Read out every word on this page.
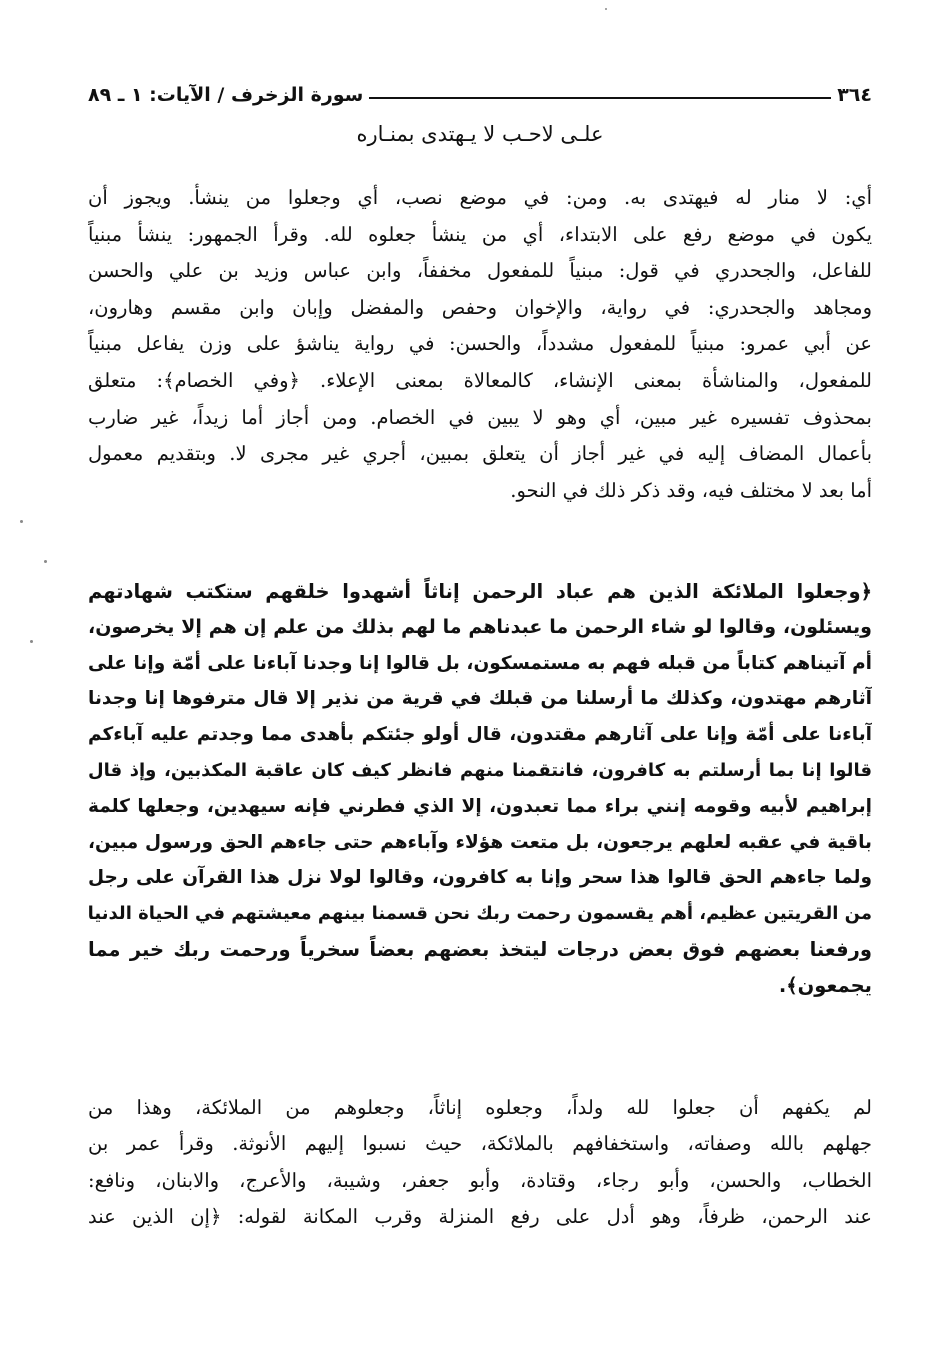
٣٦٤
سورة الزخرف / الآيات: ١ ـ ٨٩
علـى لاحـب لا يـهتدى بمنـاره
أي: لا منار له فيهتدى به. ومن: في موضع نصب، أي وجعلوا من ينشأ. ويجوز أن
يكون في موضع رفع على الابتداء، أي من ينشأ جعلوه لله. وقرأ الجمهور: ينشأ مبنياً
للفاعل، والجحدري في قول: مبنياً للمفعول مخففاً، وابن عباس وزيد بن علي والحسن
ومجاهد والجحدري: في رواية، والإخوان وحفص والمفضل وإبان وابن مقسم وهارون،
عن أبي عمرو: مبنياً للمفعول مشدداً، والحسن: في رواية يناشؤ على وزن يفاعل مبنياً
للمفعول، والمناشأة بمعنى الإنشاء، كالمعالاة بمعنى الإعلاء. ﴿وفي الخصام﴾: متعلق
بمحذوف تفسيره غير مبين، أي وهو لا يبين في الخصام. ومن أجاز أما زيداً، غير ضارب
بأعمال المضاف إليه في غير أجاز أن يتعلق بمبين، أجري غير مجرى لا. وبتقديم معمول
أما بعد لا مختلف فيه، وقد ذكر ذلك في النحو.
﴿وجعلوا الملائكة الذين هم عباد الرحمن إناثاً أشهدوا خلقهم ستكتب شهادتهم
ويسئلون، وقالوا لو شاء الرحمن ما عبدناهم ما لهم بذلك من علم إن هم إلا يخرصون،
أم آتيناهم كتاباً من قبله فهم به مستمسكون، بل قالوا إنا وجدنا آباءنا على أمّة وإنا على
آثارهم مهتدون، وكذلك ما أرسلنا من قبلك في قرية من نذير إلا قال مترفوها إنا وجدنا
آباءنا على أمّة وإنا على آثارهم مقتدون، قال أولو جئتكم بأهدى مما وجدتم عليه آباءكم
قالوا إنا بما أرسلتم به كافرون، فانتقمنا منهم فانظر كيف كان عاقبة المكذبين، وإذ قال
إبراهيم لأبيه وقومه إنني براء مما تعبدون، إلا الذي فطرني فإنه سيهدين، وجعلها كلمة
باقية في عقبه لعلهم يرجعون، بل متعت هؤلاء وآباءهم حتى جاءهم الحق ورسول مبين،
ولما جاءهم الحق قالوا هذا سحر وإنا به كافرون، وقالوا لولا نزل هذا القرآن على رجل
من القريتين عظيم، أهم يقسمون رحمت ربك نحن قسمنا بينهم معيشتهم في الحياة الدنيا
ورفعنا بعضهم فوق بعض درجات ليتخذ بعضهم بعضاً سخرياً ورحمت ربك خير مما
يجمعون﴾.
لم يكفهم أن جعلوا لله ولداً، وجعلوه إناثاً، وجعلوهم من الملائكة، وهذا من
جهلهم بالله وصفاته، واستخفافهم بالملائكة، حيث نسبوا إليهم الأنوثة. وقرأ عمر بن
الخطاب، والحسن، وأبو رجاء، وقتادة، وأبو جعفر، وشيبة، والأعرج، والابنان، ونافع:
عند الرحمن، ظرفاً، وهو أدل على رفع المنزلة وقرب المكانة لقوله: ﴿إن الذين عند
